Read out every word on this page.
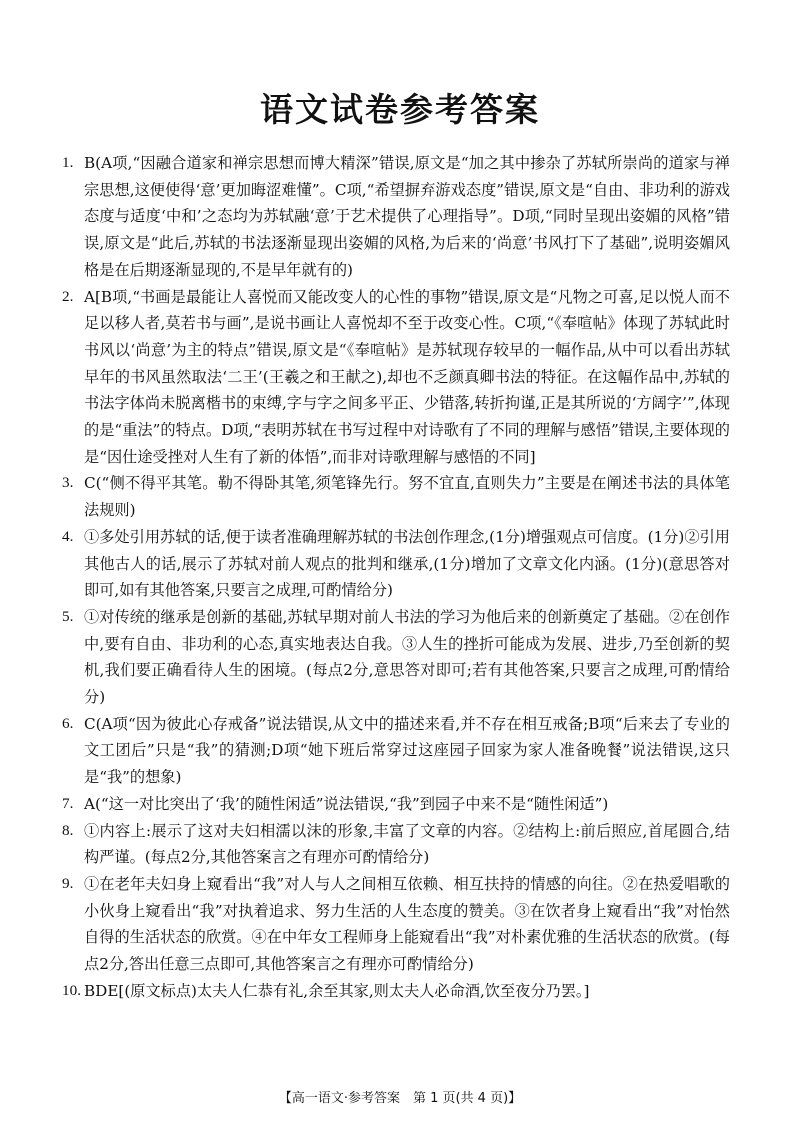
语文试卷参考答案
1. B(A项,“因融合道家和禅宗思想而博大精深”错误,原文是“加之其中掺杂了苏轼所崇尚的道家与禅宗思想,这便使得‘意’更加晦涩难懂”。C项,“希望摒弃游戏态度”错误,原文是“自由、非功利的游戏态度与适度‘中和’之态均为苏轼融‘意’于艺术提供了心理指导”。D项,“同时呈现出姿媚的风格”错误,原文是“此后,苏轼的书法逐渐显现出姿媚的风格,为后来的‘尚意’书风打下了基础”,说明姿媚风格是在后期逐渐显现的,不是早年就有的)
2. A[B项,“书画是最能让人喜悦而又能改变人的心性的事物”错误,原文是“凡物之可喜,足以悦人而不足以移人者,莫若书与画”,是说书画让人喜悦却不至于改变心性。C项,“《奉喧帖》体现了苏轼此时书风以‘尚意’为主的特点”错误,原文是“《奉喧帖》是苏轼现存较早的一幅作品,从中可以看出苏轼早年的书风虽然取法‘二王’(王羲之和王献之),却也不乏颜真卿书法的特征。在这幅作品中,苏轼的书法字体尚未脱离楷书的束缚,字与字之间多平正、少错落,转折拘谨,正是其所说的‘方阔字’”,体现的是“重法”的特点。D项,“表明苏轼在书写过程中对诗歌有了不同的理解与感悟”错误,主要体现的是“因仕途受挫对人生有了新的体悟”,而非对诗歌理解与感悟的不同]
3. C(“侧不得平其笔。勒不得卧其笔,须笔锋先行。努不宜直,直则失力”主要是在阐述书法的具体笔法规则)
4. ①多处引用苏轼的话,便于读者准确理解苏轼的书法创作理念,(1分)增强观点可信度。(1分)②引用其他古人的话,展示了苏轼对前人观点的批判和继承,(1分)增加了文章文化内涵。(1分)(意思答对即可,如有其他答案,只要言之成理,可酌情给分)
5. ①对传统的继承是创新的基础,苏轼早期对前人书法的学习为他后来的创新奠定了基础。②在创作中,要有自由、非功利的心态,真实地表达自我。③人生的挫折可能成为发展、进步,乃至创新的契机,我们要正确看待人生的困境。(每点2分,意思答对即可;若有其他答案,只要言之成理,可酌情给分)
6. C(A项“因为彼此心存戒备”说法错误,从文中的描述来看,并不存在相互戒备;B项“后来去了专业的文工团后”只是“我”的猜测;D项“她下班后常穿过这座园子回家为家人准备晚餐”说法错误,这只是“我”的想象)
7. A(“这一对比突出了‘我’的随性闲适”说法错误,“我”到园子中来不是“随性闲适”)
8. ①内容上:展示了这对夫妇相濡以沫的形象,丰富了文章的内容。②结构上:前后照应,首尾圆合,结构严谨。(每点2分,其他答案言之有理亦可酌情给分)
9. ①在老年夫妇身上窥看出“我”对人与人之间相互依赖、相互扶持的情感的向往。②在热爱唱歌的小伙身上窥看出“我”对执着追求、努力生活的人生态度的赞美。③在饮者身上窥看出“我”对怡然自得的生活状态的欣赏。④在中年女工程师身上能窥看出“我”对朴素优雅的生活状态的欣赏。(每点2分,答出任意三点即可,其他答案言之有理亦可酌情给分)
10. BDE[(原文标点)太夫人仁恭有礼,余至其家,则太夫人必命酒,饮至夜分乃罢。]
【高一语文·参考答案　第 1 页(共 4 页)】
